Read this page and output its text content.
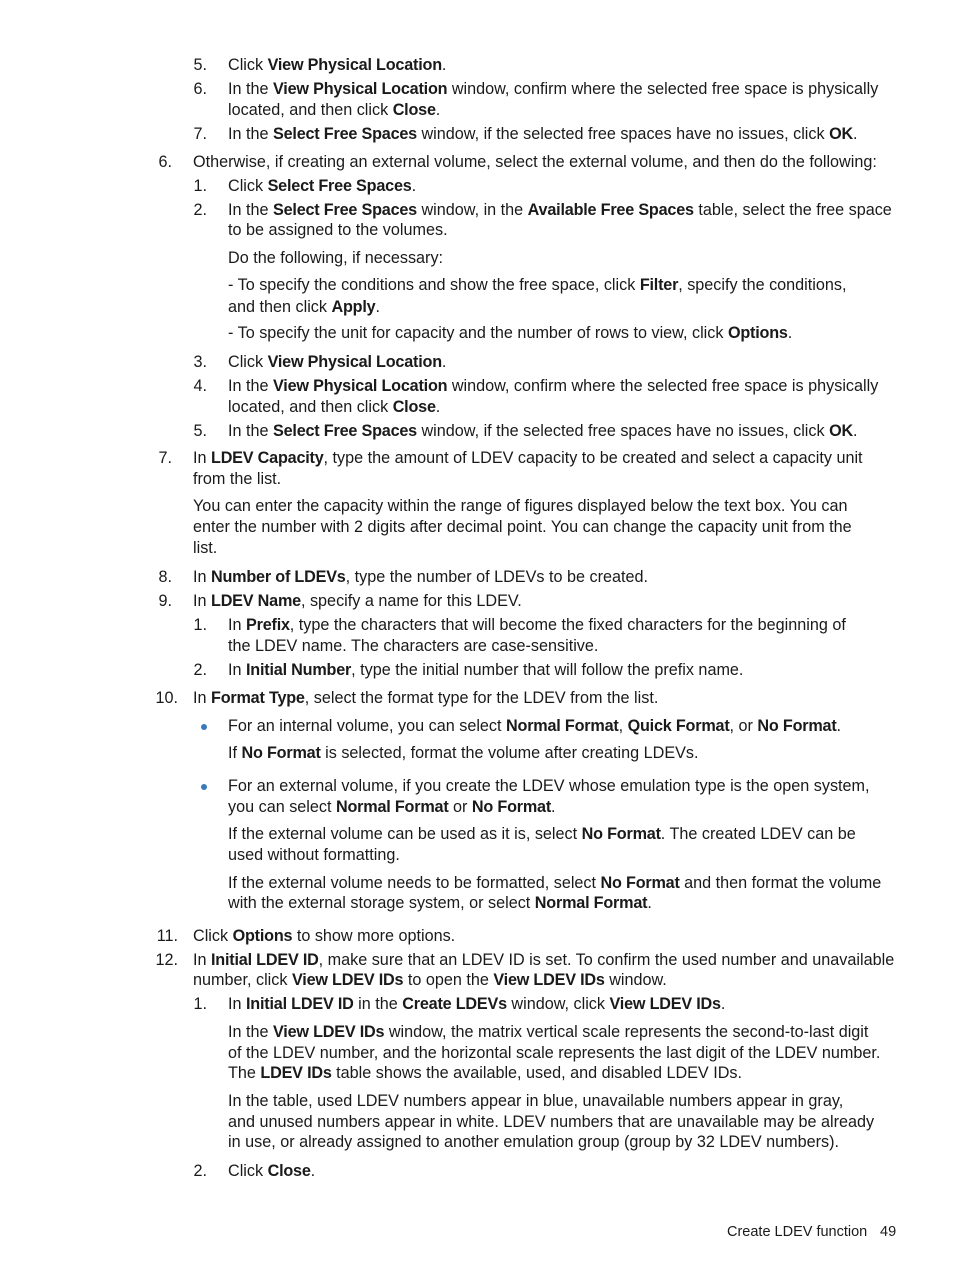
5. Click View Physical Location.
6. In the View Physical Location window, confirm where the selected free space is physically
located, and then click Close.
7. In the Select Free Spaces window, if the selected free spaces have no issues, click OK.
6. Otherwise, if creating an external volume, select the external volume, and then do the following:
1. Click Select Free Spaces.
2. In the Select Free Spaces window, in the Available Free Spaces table, select the free space
to be assigned to the volumes.
Do the following, if necessary:
- To specify the conditions and show the free space, click Filter, specify the conditions,
and then click Apply.
- To specify the unit for capacity and the number of rows to view, click Options.
3. Click View Physical Location.
4. In the View Physical Location window, confirm where the selected free space is physically
located, and then click Close.
5. In the Select Free Spaces window, if the selected free spaces have no issues, click OK.
7. In LDEV Capacity, type the amount of LDEV capacity to be created and select a capacity unit
from the list.
You can enter the capacity within the range of figures displayed below the text box. You can
enter the number with 2 digits after decimal point. You can change the capacity unit from the
list.
8. In Number of LDEVs, type the number of LDEVs to be created.
9. In LDEV Name, specify a name for this LDEV.
1. In Prefix, type the characters that will become the fixed characters for the beginning of
the LDEV name. The characters are case-sensitive.
2. In Initial Number, type the initial number that will follow the prefix name.
10. In Format Type, select the format type for the LDEV from the list.
For an internal volume, you can select Normal Format, Quick Format, or No Format.
If No Format is selected, format the volume after creating LDEVs.
For an external volume, if you create the LDEV whose emulation type is the open system,
you can select Normal Format or No Format.
If the external volume can be used as it is, select No Format. The created LDEV can be
used without formatting.
If the external volume needs to be formatted, select No Format and then format the volume
with the external storage system, or select Normal Format.
11. Click Options to show more options.
12. In Initial LDEV ID, make sure that an LDEV ID is set. To confirm the used number and unavailable
number, click View LDEV IDs to open the View LDEV IDs window.
1. In Initial LDEV ID in the Create LDEVs window, click View LDEV IDs.
In the View LDEV IDs window, the matrix vertical scale represents the second-to-last digit
of the LDEV number, and the horizontal scale represents the last digit of the LDEV number.
The LDEV IDs table shows the available, used, and disabled LDEV IDs.
In the table, used LDEV numbers appear in blue, unavailable numbers appear in gray,
and unused numbers appear in white. LDEV numbers that are unavailable may be already
in use, or already assigned to another emulation group (group by 32 LDEV numbers).
2. Click Close.
Create LDEV function 49
